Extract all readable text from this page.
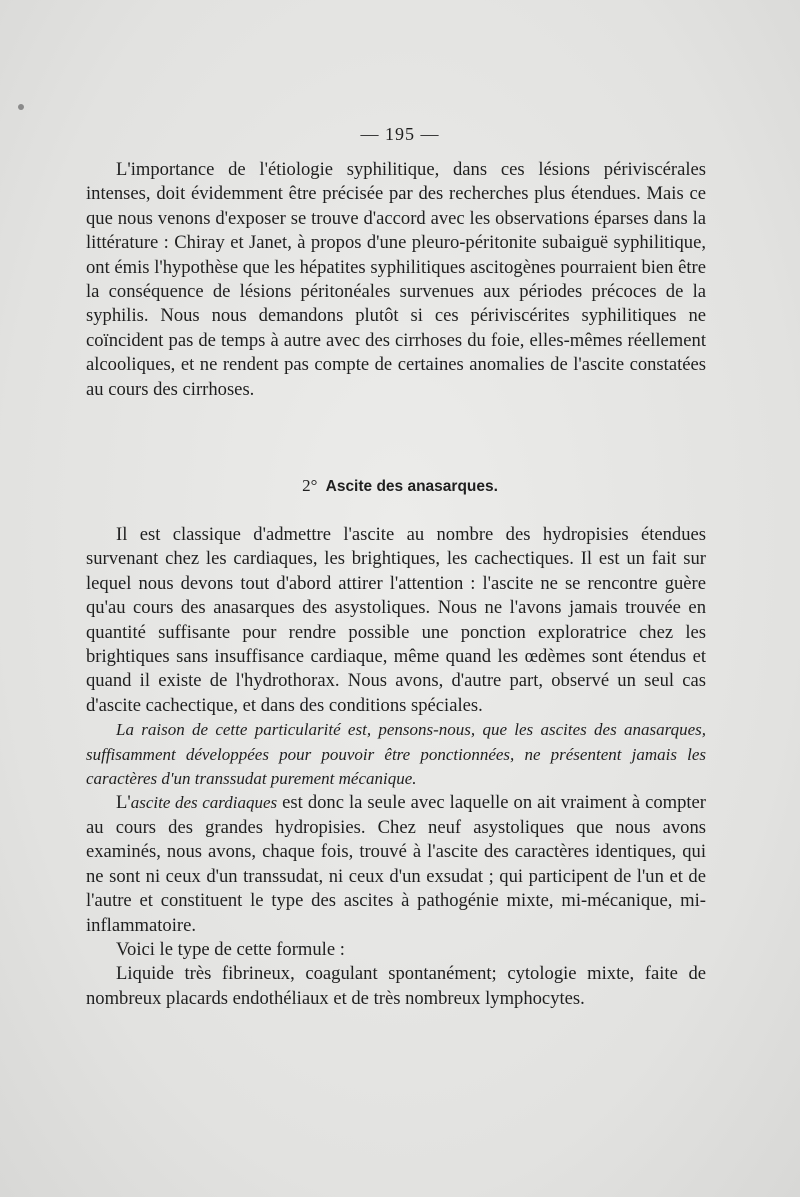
— 195 —

L'importance de l'étiologie syphilitique, dans ces lésions périviscérales intenses, doit évidemment être précisée par des recherches plus étendues. Mais ce que nous venons d'exposer se trouve d'accord avec les observations éparses dans la littérature : Chiray et Janet, à propos d'une pleuro-péritonite subaiguë syphilitique, ont émis l'hypothèse que les hépatites syphilitiques ascitogènes pourraient bien être la conséquence de lésions péritonéales survenues aux périodes précoces de la syphilis. Nous nous demandons plutôt si ces périviscérites syphilitiques ne coïncident pas de temps à autre avec des cirrhoses du foie, elles-mêmes réellement alcooliques, et ne rendent pas compte de certaines anomalies de l'ascite constatées au cours des cirrhoses.

2° Ascite des anasarques.

Il est classique d'admettre l'ascite au nombre des hydropisies étendues survenant chez les cardiaques, les brightiques, les cachectiques. Il est un fait sur lequel nous devons tout d'abord attirer l'attention : l'ascite ne se rencontre guère qu'au cours des anasarques des asystoliques. Nous ne l'avons jamais trouvée en quantité suffisante pour rendre possible une ponction exploratrice chez les brightiques sans insuffisance cardiaque, même quand les œdèmes sont étendus et quand il existe de l'hydrothorax. Nous avons, d'autre part, observé un seul cas d'ascite cachectique, et dans des conditions spéciales.

La raison de cette particularité est, pensons-nous, que les ascites des anasarques, suffisamment développées pour pouvoir être ponctionnées, ne présentent jamais les caractères d'un transsudat purement mécanique.

L'ascite des cardiaques est donc la seule avec laquelle on ait vraiment à compter au cours des grandes hydropisies. Chez neuf asystoliques que nous avons examinés, nous avons, chaque fois, trouvé à l'ascite des caractères identiques, qui ne sont ni ceux d'un transsudat, ni ceux d'un exsudat ; qui participent de l'un et de l'autre et constituent le type des ascites à pathogénie mixte, mi-mécanique, mi-inflammatoire.

Voici le type de cette formule :

Liquide très fibrineux, coagulant spontanément; cytologie mixte, faite de nombreux placards endothéliaux et de très nombreux lymphocytes.
